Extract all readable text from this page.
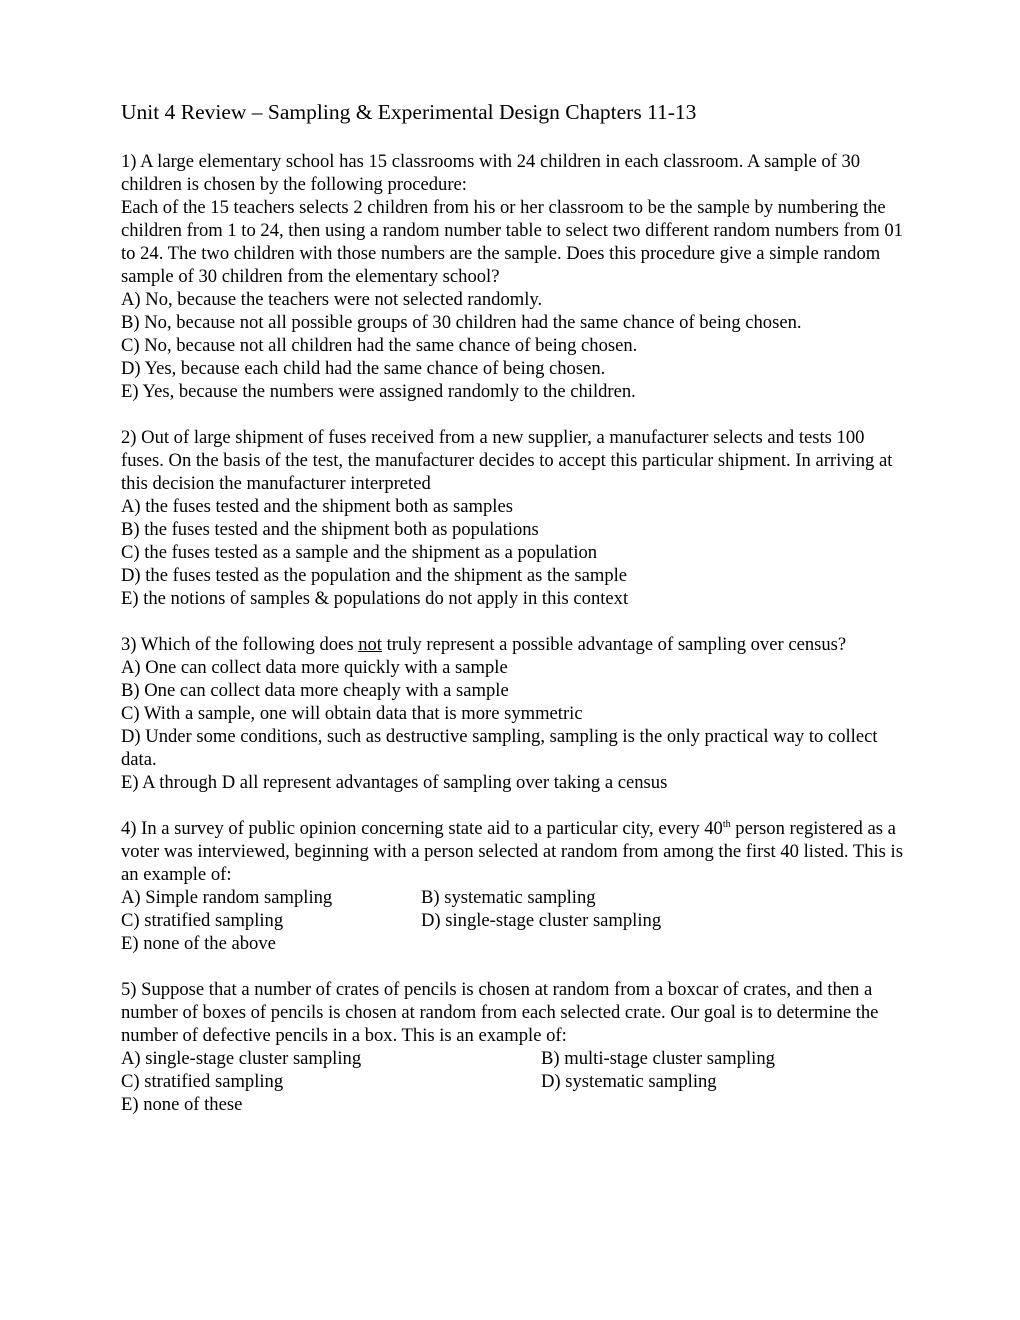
Unit 4 Review – Sampling & Experimental Design Chapters 11-13
1) A large elementary school has 15 classrooms with 24 children in each classroom. A sample of 30 children is chosen by the following procedure:
Each of the 15 teachers selects 2 children from his or her classroom to be the sample by numbering the children from 1 to 24, then using a random number table to select two different random numbers from 01 to 24. The two children with those numbers are the sample. Does this procedure give a simple random sample of 30 children from the elementary school?
A) No, because the teachers were not selected randomly.
B) No, because not all possible groups of 30 children had the same chance of being chosen.
C) No, because not all children had the same chance of being chosen.
D) Yes, because each child had the same chance of being chosen.
E) Yes, because the numbers were assigned randomly to the children.
2) Out of large shipment of fuses received from a new supplier, a manufacturer selects and tests 100 fuses. On the basis of the test, the manufacturer decides to accept this particular shipment. In arriving at this decision the manufacturer interpreted
A) the fuses tested and the shipment both as samples
B) the fuses tested and the shipment both as populations
C) the fuses tested as a sample and the shipment as a population
D) the fuses tested as the population and the shipment as the sample
E) the notions of samples & populations do not apply in this context
3) Which of the following does not truly represent a possible advantage of sampling over census?
A) One can collect data more quickly with a sample
B) One can collect data more cheaply with a sample
C) With a sample, one will obtain data that is more symmetric
D) Under some conditions, such as destructive sampling, sampling is the only practical way to collect data.
E) A through D all represent advantages of sampling over taking a census
4) In a survey of public opinion concerning state aid to a particular city, every 40th person registered as a voter was interviewed, beginning with a person selected at random from among the first 40 listed. This is an example of:
A) Simple random sampling	B) systematic sampling
C) stratified sampling	D) single-stage cluster sampling
E) none of the above
5) Suppose that a number of crates of pencils is chosen at random from a boxcar of crates, and then a number of boxes of pencils is chosen at random from each selected crate. Our goal is to determine the number of defective pencils in a box. This is an example of:
A) single-stage cluster sampling	B) multi-stage cluster sampling
C) stratified sampling	D) systematic sampling
E) none of these
